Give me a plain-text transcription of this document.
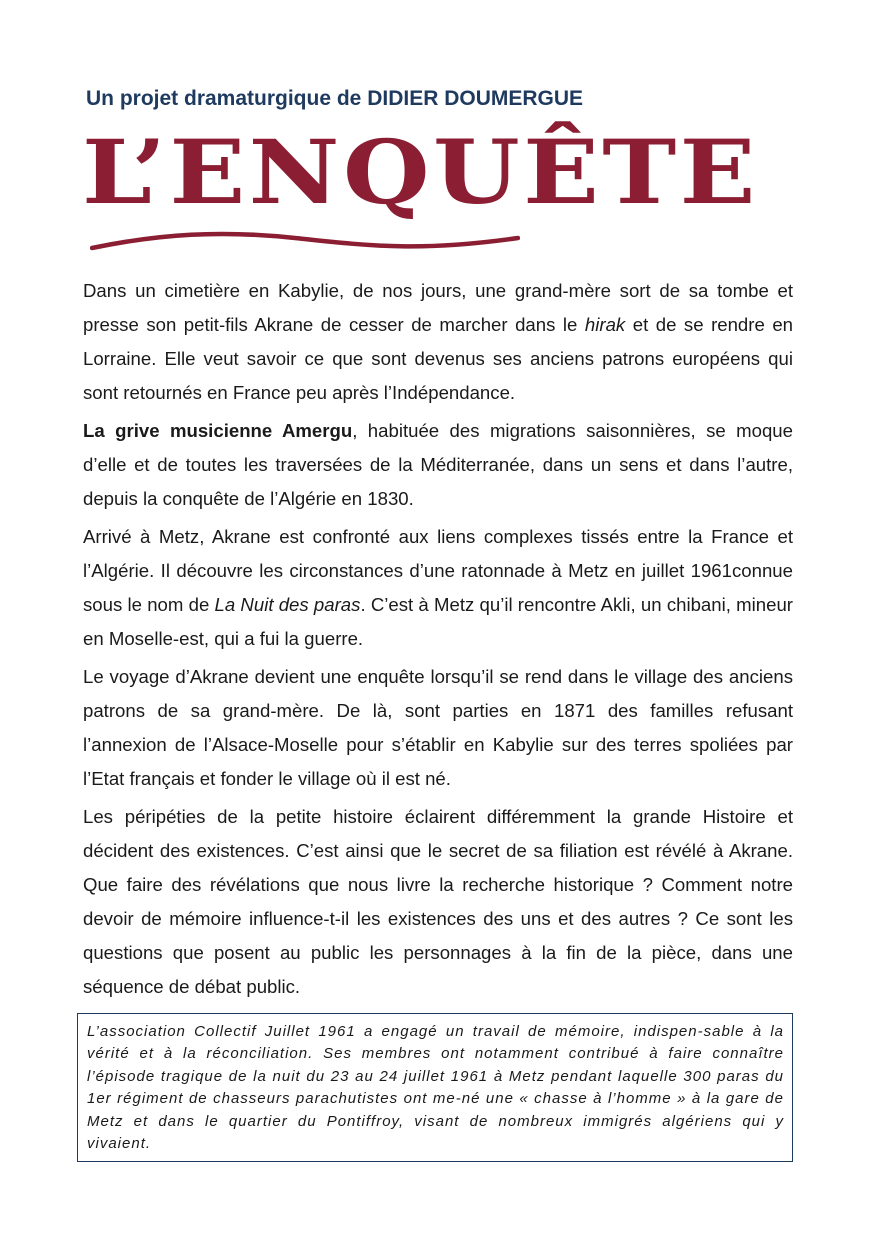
Un projet dramaturgique de DIDIER DOUMERGUE
L’ENQUÊTE

Dans un cimetière en Kabylie, de nos jours, une grand-mère sort de sa tombe et presse son petit-fils Akrane de cesser de marcher dans le hirak et de se rendre en Lorraine. Elle veut savoir ce que sont devenus ses anciens patrons européens qui sont retournés en France peu après l’Indépendance.

La grive musicienne Amergu, habituée des migrations saisonnières, se moque d’elle et de toutes les traversées de la Méditerranée, dans un sens et dans l’autre, depuis la conquête de l’Algérie en 1830.

Arrivé à Metz, Akrane est confronté aux liens complexes tissés entre la France et l’Algérie. Il découvre les circonstances d’une ratonnade à Metz en juillet 1961connue sous le nom de La Nuit des paras. C’est à Metz qu’il rencontre Akli, un chibani, mineur en Moselle-est, qui a fui la guerre.

Le voyage d’Akrane devient une enquête lorsqu’il se rend dans le village des anciens patrons de sa grand-mère. De là, sont parties en 1871 des familles refusant l’annexion de l’Alsace-Moselle pour s’établir en Kabylie sur des terres spoliées par l’Etat français et fonder le village où il est né.

Les péripéties de la petite histoire éclairent différemment la grande Histoire et décident des existences. C’est ainsi que le secret de sa filiation est révélé à Akrane. Que faire des révélations que nous livre la recherche historique ? Comment notre devoir de mémoire influence-t-il les existences des uns et des autres ? Ce sont les questions que posent au public les personnages à la fin de la pièce, dans une séquence de débat public.

L’association Collectif Juillet 1961 a engagé un travail de mémoire, indispen-sable à la vérité et à la réconciliation. Ses membres ont notamment contribué à faire connaître l’épisode tragique de la nuit du 23 au 24 juillet 1961 à Metz pendant laquelle 300 paras du 1er régiment de chasseurs parachutistes ont me-né une « chasse à l’homme » à la gare de Metz et dans le quartier du Pontiffroy, visant de nombreux immigrés algériens qui y vivaient.
